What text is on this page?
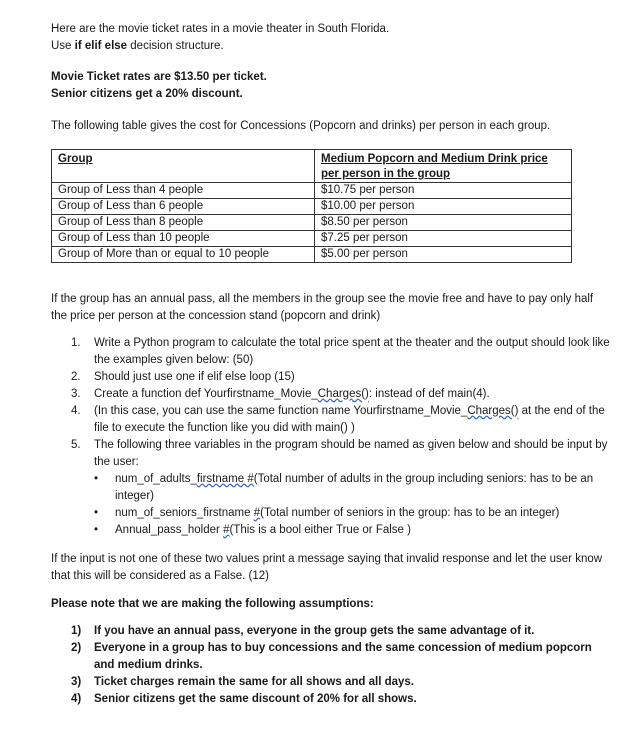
Here are the movie ticket rates in a movie theater in South Florida.

Use if elif else decision structure.

Movie Ticket rates are $13.50 per ticket.

Senior citizens get a 20% discount.

The following table gives the cost for Concessions (Popcorn and drinks) per person in each group.

Group	Medium Popcorn and Medium Drink price per person in the group
Group of Less than 4 people	$10.75 per person
Group of Less than 6 people	$10.00 per person
Group of Less than 8 people	$8.50 per person
Group of Less than 10 people	$7.25 per person
Group of More than or equal to 10 people	$5.00 per person

If the group has an annual pass, all the members in the group see the movie free and have to pay only half the price per person at the concession stand (popcorn and drink)

1. Write a Python program to calculate the total price spent at the theater and the output should look like the examples given below: (50)
2. Should just use one if elif else loop (15)
3. Create a function def Yourfirstname_Movie_Charges(): instead of def main(4).
4. (In this case, you can use the same function name Yourfirstname_Movie_Charges() at the end of the file to execute the function like you did with main() )
5. The following three variables in the program should be named as given below and should be input by the user:
• num_of_adults_firstname #(Total number of adults in the group including seniors: has to be an integer)
• num_of_seniors_firstname #(Total number of seniors in the group: has to be an integer)
• Annual_pass_holder #(This is a bool either True or False )

If the input is not one of these two values print a message saying that invalid response and let the user know that this will be considered as a False. (12)

Please note that we are making the following assumptions:

1) If you have an annual pass, everyone in the group gets the same advantage of it.
2) Everyone in a group has to buy concessions and the same concession of medium popcorn and medium drinks.
3) Ticket charges remain the same for all shows and all days.
4) Senior citizens get the same discount of 20% for all shows.
